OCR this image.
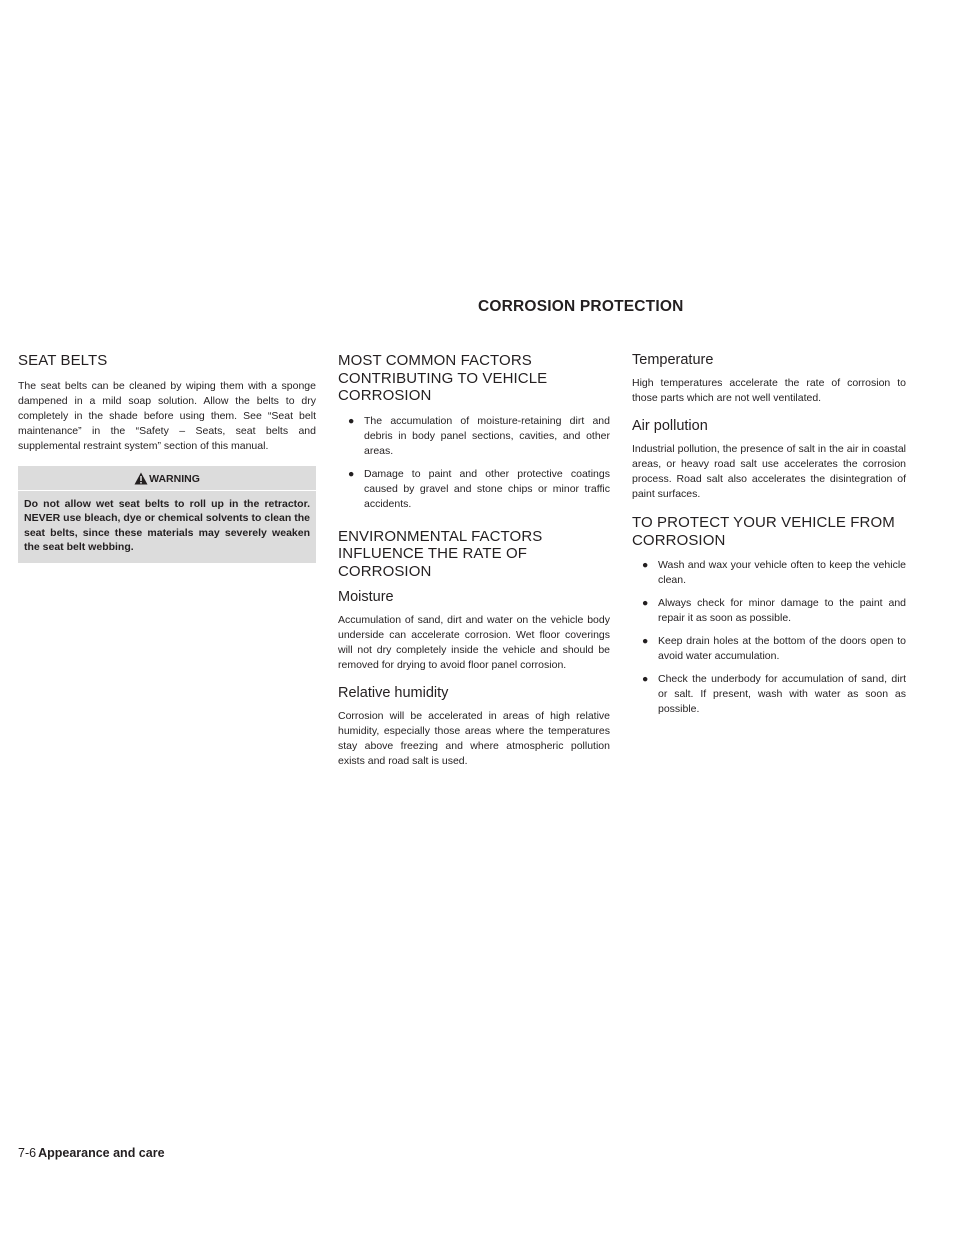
CORROSION PROTECTION
SEAT BELTS

The seat belts can be cleaned by wiping them with a sponge dampened in a mild soap solution. Allow the belts to dry completely in the shade before using them. See “Seat belt maintenance” in the “Safety – Seats, seat belts and supplemental restraint system” section of this manual.

WARNING
Do not allow wet seat belts to roll up in the retractor. NEVER use bleach, dye or chemical solvents to clean the seat belts, since these materials may severely weaken the seat belt webbing.
MOST COMMON FACTORS CONTRIBUTING TO VEHICLE CORROSION
● The accumulation of moisture-retaining dirt and debris in body panel sections, cavities, and other areas.
● Damage to paint and other protective coatings caused by gravel and stone chips or minor traffic accidents.
ENVIRONMENTAL FACTORS INFLUENCE THE RATE OF CORROSION
Moisture

Accumulation of sand, dirt and water on the vehicle body underside can accelerate corrosion. Wet floor coverings will not dry completely inside the vehicle and should be removed for drying to avoid floor panel corrosion.

Relative humidity

Corrosion will be accelerated in areas of high relative humidity, especially those areas where the temperatures stay above freezing and where atmospheric pollution exists and road salt is used.

Temperature

High temperatures accelerate the rate of corrosion to those parts which are not well ventilated.

Air pollution

Industrial pollution, the presence of salt in the air in coastal areas, or heavy road salt use accelerates the corrosion process. Road salt also accelerates the disintegration of paint surfaces.

TO PROTECT YOUR VEHICLE FROM CORROSION
● Wash and wax your vehicle often to keep the vehicle clean.
● Always check for minor damage to the paint and repair it as soon as possible.
● Keep drain holes at the bottom of the doors open to avoid water accumulation.
● Check the underbody for accumulation of sand, dirt or salt. If present, wash with water as soon as possible.
7-6 Appearance and care
